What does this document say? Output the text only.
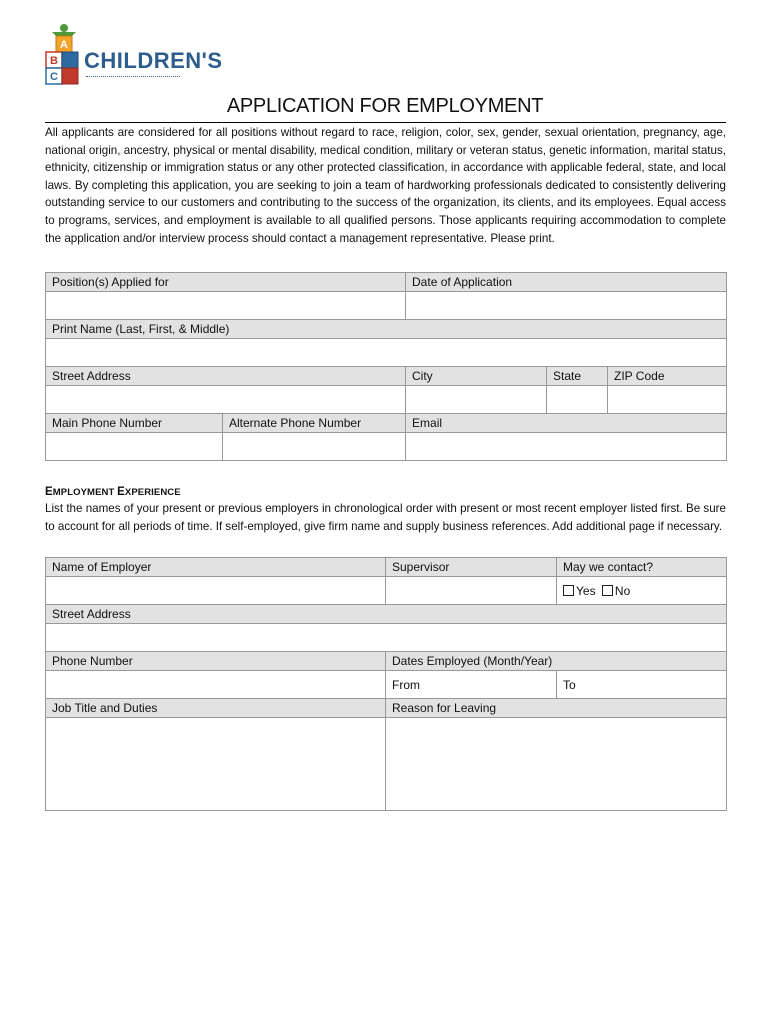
A
B
C
CHILDREN'S
APPLICATION FOR EMPLOYMENT
All applicants are considered for all positions without regard to race, religion, color, sex, gender, sexual orientation, pregnancy, age, national origin, ancestry, physical or mental disability, medical condition, military or veteran status, genetic information, marital status, ethnicity, citizenship or immigration status or any other protected classification, in accordance with applicable federal, state, and local laws. By completing this application, you are seeking to join a team of hardworking professionals dedicated to consistently delivering outstanding service to our customers and contributing to the success of the organization, its clients, and its employees. Equal access to programs, services, and employment is available to all qualified persons. Those applicants requiring accommodation to complete the application and/or interview process should contact a management representative. Please print.
Position(s) Applied for		Date of Application		

Print Name (Last, First, & Middle)				

Street Address		City	State	ZIP Code

Main Phone Number	Alternate Phone Number	Email		

EMPLOYMENT EXPERIENCE
List the names of your present or previous employers in chronological order with present or most recent employer listed first. Be sure to account for all periods of time. If self-employed, give firm name and supply business references. Add additional page if necessary.
Name of Employer	Supervisor	May we contact?
		Yes No
Street Address		

Phone Number	Dates Employed (Month/Year)	
	From	To
Job Title and Duties	Reason for Leaving	
